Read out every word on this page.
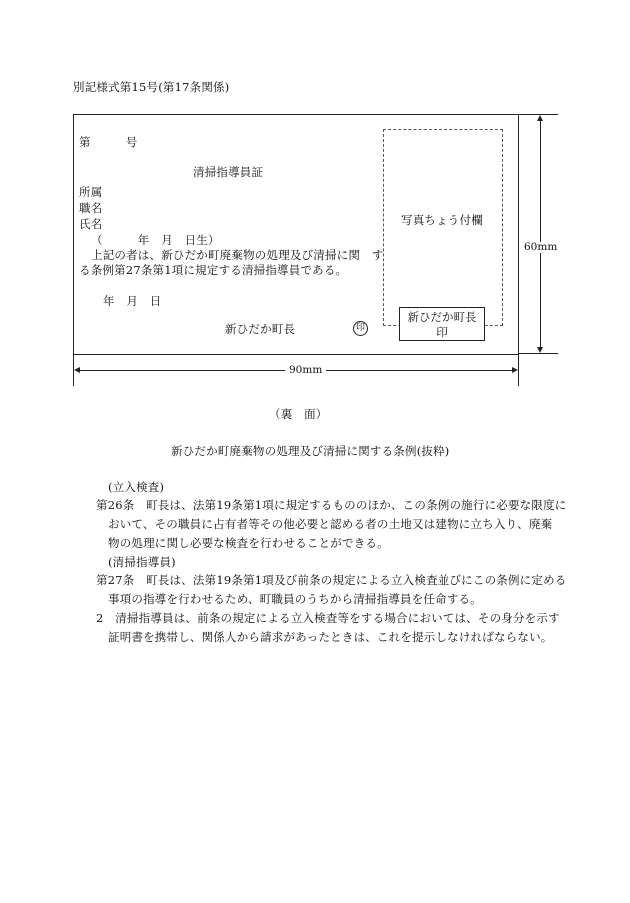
別記様式第15号(第17条関係)
第　　　号
清掃指導員証
所属
職名
氏名
（　　　年　月　日生）
上記の者は、新ひだか町廃棄物の処理及び清掃に関　す
る条例第27条第1項に規定する清掃指導員である。
年　月　日
新ひだか町長	印
写真ちょう付欄
新ひだか町長
印
90mm
60mm
（裏　面）
新ひだか町廃棄物の処理及び清掃に関する条例(抜粋)
(立入検査)
第26条　町長は、法第19条第1項に規定するもののほか、この条例の施行に必要な限度に
おいて、その職員に占有者等その他必要と認める者の土地又は建物に立ち入り、廃棄
物の処理に関し必要な検査を行わせることができる。
(清掃指導員)
第27条　町長は、法第19条第1項及び前条の規定による立入検査並びにこの条例に定める
事項の指導を行わせるため、町職員のうちから清掃指導員を任命する。
2　清掃指導員は、前条の規定による立入検査等をする場合においては、その身分を示す
証明書を携帯し、関係人から請求があったときは、これを提示しなければならない。
